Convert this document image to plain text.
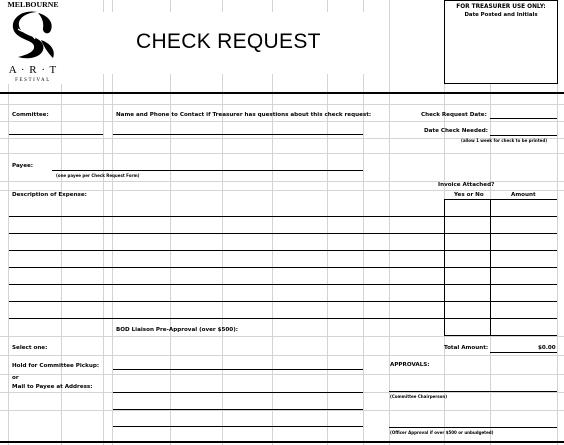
CHECK REQUEST
MELBOURNE
A · R · T
FESTIVAL
FOR TREASURER USE ONLY:
Date Posted and Initials
Committee:	Name and Phone to Contact if Treasurer has questions about this check request:	Check Request Date:
Date Check Needed:
(allow 1 week for check to be printed)
Payee:
(one payee per Check Request Form)
Invoice Attached?
Description of Expense:	Yes or No	Amount
BOD Liaison Pre-Approval (over $500):
Select one:	Total Amount:	$0.00
Hold for Committee Pickup:
or
Mail to Payee at Address:
APPROVALS:
(Committee Chairperson)
(Officer Approval if over $500 or unbudgeted)
